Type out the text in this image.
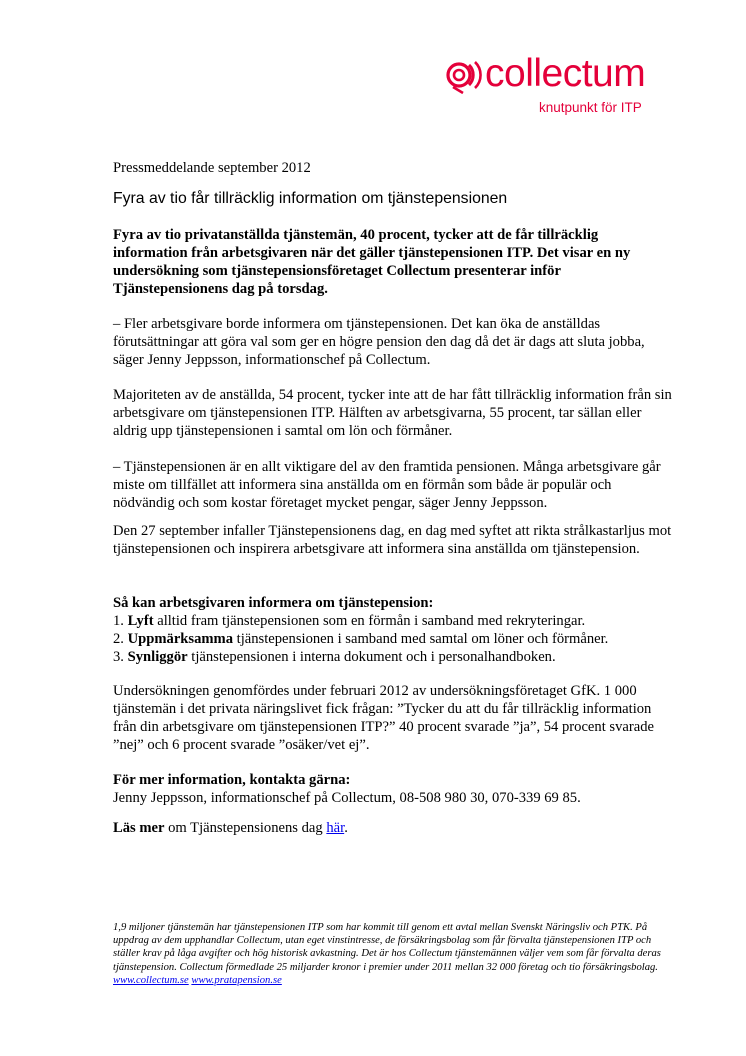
collectum
knutpunkt för ITP
Pressmeddelande september 2012
Fyra av tio får tillräcklig information om tjänstepensionen

Fyra av tio privatanställda tjänstemän, 40 procent, tycker att de får tillräcklig information från arbetsgivaren när det gäller tjänstepensionen ITP. Det visar en ny undersökning som tjänstepensionsföretaget Collectum presenterar inför Tjänstepensionens dag på torsdag.

– Fler arbetsgivare borde informera om tjänstepensionen. Det kan öka de anställdas förutsättningar att göra val som ger en högre pension den dag då det är dags att sluta jobba, säger Jenny Jeppsson, informationschef på Collectum.

Majoriteten av de anställda, 54 procent, tycker inte att de har fått tillräcklig information från sin arbetsgivare om tjänstepensionen ITP. Hälften av arbetsgivarna, 55 procent, tar sällan eller aldrig upp tjänstepensionen i samtal om lön och förmåner.

– Tjänstepensionen är en allt viktigare del av den framtida pensionen. Många arbetsgivare går miste om tillfället att informera sina anställda om en förmån som både är populär och nödvändig och som kostar företaget mycket pengar, säger Jenny Jeppsson.

Den 27 september infaller Tjänstepensionens dag, en dag med syftet att rikta strålkastarljus mot tjänstepensionen och inspirera arbetsgivare att informera sina anställda om tjänstepension.

Så kan arbetsgivaren informera om tjänstepension:

1. Lyft alltid fram tjänstepensionen som en förmån i samband med rekryteringar.

2. Uppmärksamma tjänstepensionen i samband med samtal om löner och förmåner.

3. Synliggör tjänstepensionen i interna dokument och i personalhandboken.

Undersökningen genomfördes under februari 2012 av undersökningsföretaget GfK. 1 000 tjänstemän i det privata näringslivet fick frågan: ”Tycker du att du får tillräcklig information från din arbetsgivare om tjänstepensionen ITP?” 40 procent svarade ”ja”, 54 procent svarade ”nej” och 6 procent svarade ”osäker/vet ej”.

För mer information, kontakta gärna:

Jenny Jeppsson, informationschef på Collectum, 08-508 980 30, 070-339 69 85.

Läs mer om Tjänstepensionens dag här.

1,9 miljoner tjänstemän har tjänstepensionen ITP som har kommit till genom ett avtal mellan Svenskt Näringsliv och PTK. På uppdrag av dem upphandlar Collectum, utan eget vinstintresse, de försäkringsbolag som får förvalta tjänstepensionen ITP och ställer krav på låga avgifter och hög historisk avkastning. Det är hos Collectum tjänstemännen väljer vem som får förvalta deras tjänstepension. Collectum förmedlade 25 miljarder kronor i premier under 2011 mellan 32 000 företag och tio försäkringsbolag. www.collectum.se www.pratapension.se
